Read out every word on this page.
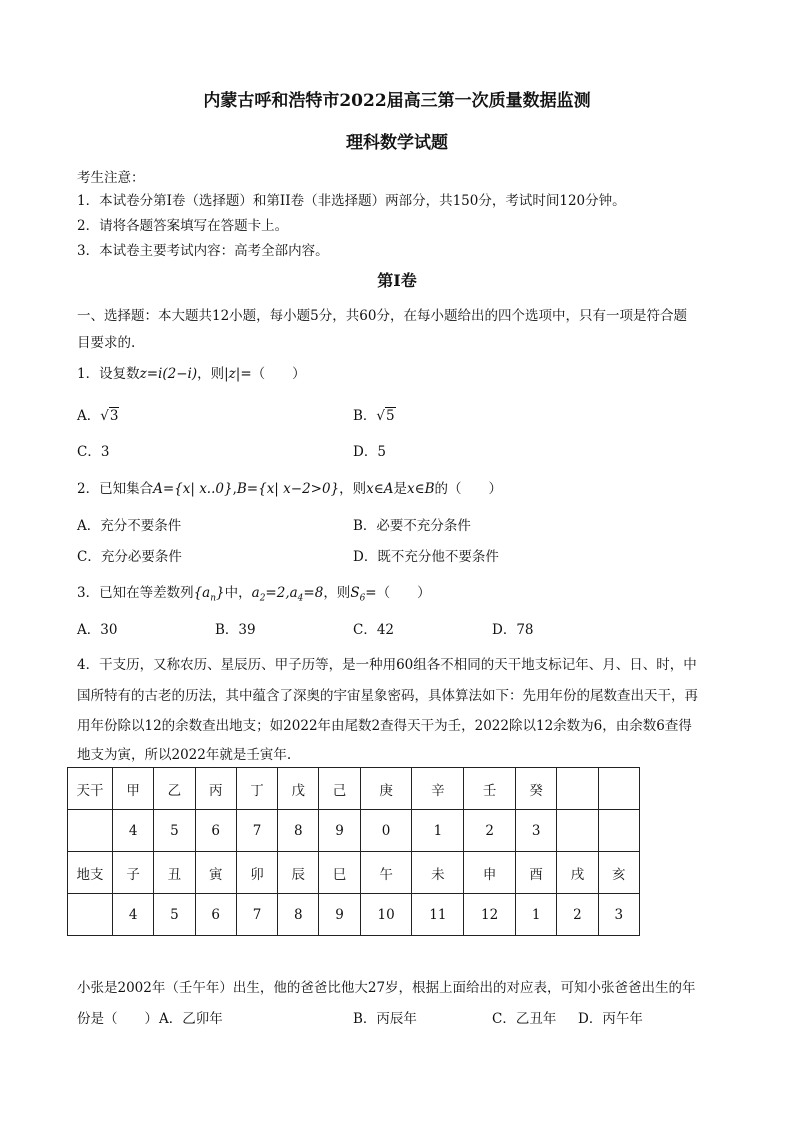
内蒙古呼和浩特市2022届高三第一次质量数据监测
理科数学试题
考生注意：
1．本试卷分第I卷（选择题）和第II卷（非选择题）两部分，共150分，考试时间120分钟。
2．请将各题答案填写在答题卡上。
3．本试卷主要考试内容：高考全部内容。
第I卷
一、选择题：本大题共12小题，每小题5分，共60分，在每小题给出的四个选项中，只有一项是符合题
目要求的.
1．设复数z=i(2−i)，则|z|=（　　）
A．√3	B．√5
C．3	D．5
2．已知集合A={x| x..0},B={x| x−2>0}，则x∈A是x∈B的（　　）
A．充分不要条件	B．必要不充分条件
C．充分必要条件	D．既不充分他不要条件
3．已知在等差数列$\{a_n\}$中，$a_2=2,a_4=8$，则$S_6=$（　　）
A．30	B．39	C．42	D．78
4．干支历，又称农历、星辰历、甲子历等，是一种用60组各不相同的天干地支标记年、月、日、时，中
国所特有的古老的历法，其中蕴含了深奥的宇宙星象密码，具体算法如下：先用年份的尾数查出天干，再
用年份除以12的余数查出地支；如2022年由尾数2查得天干为壬，2022除以12余数为6，由余数6查得
地支为寅，所以2022年就是壬寅年.
天干	甲	乙	丙	丁	戊	己	庚	辛	壬	癸		
	4	5	6	7	8	9	0	1	2	3		
地支	子	丑	寅	卯	辰	巳	午	未	申	酉	戌	亥
	4	5	6	7	8	9	10	11	12	1	2	3
小张是2002年（壬午年）出生，他的爸爸比他大27岁，根据上面给出的对应表，可知小张爸爸出生的年
份是（　　） A．乙卯年	B．丙辰年	C．乙丑年 D．丙午年
